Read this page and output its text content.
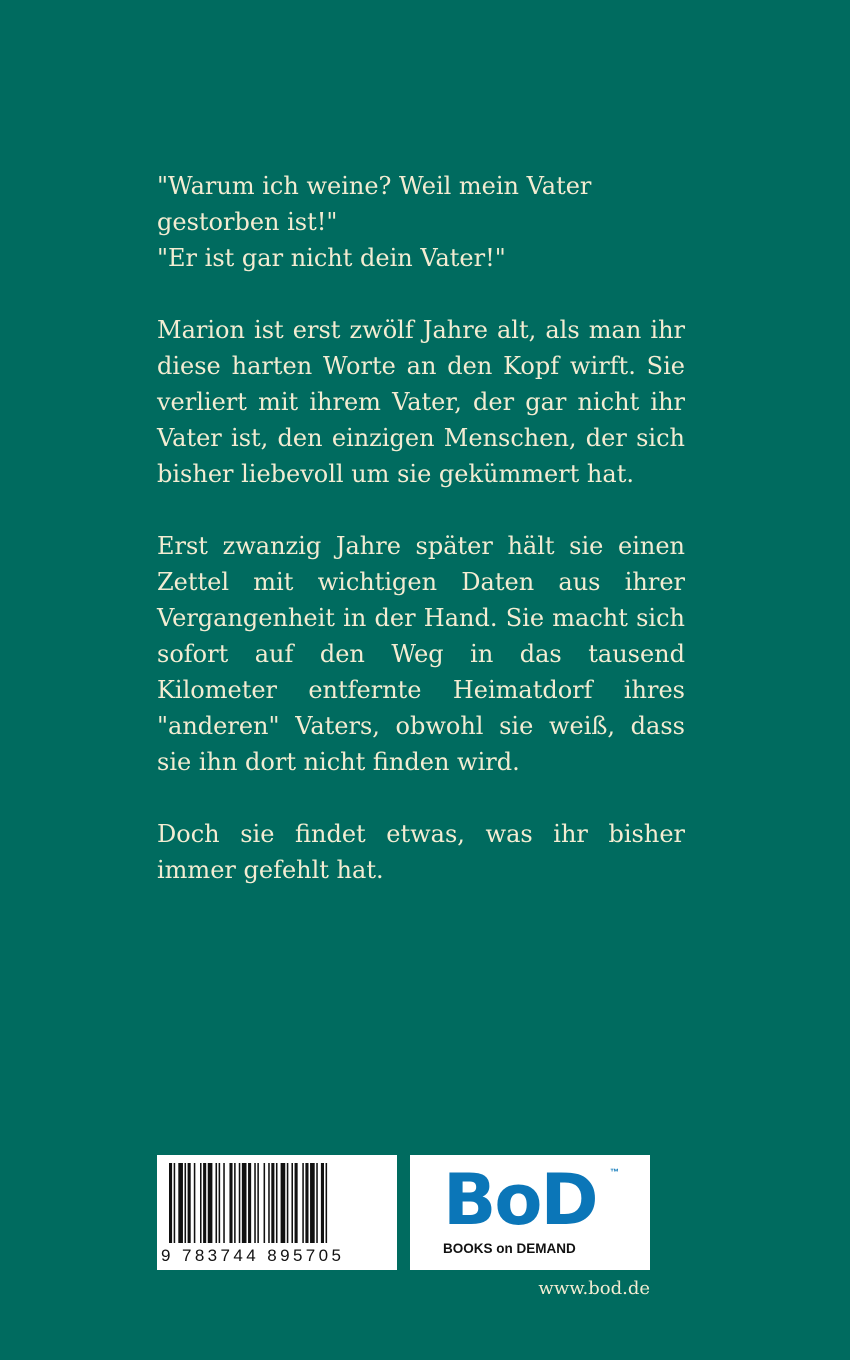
"Warum ich weine? Weil mein Vater gestorben ist!"
"Er ist gar nicht dein Vater!"

Marion ist erst zwölf Jahre alt, als man ihr diese harten Worte an den Kopf wirft. Sie verliert mit ihrem Vater, der gar nicht ihr Vater ist, den einzigen Menschen, der sich bisher liebevoll um sie gekümmert hat.

Erst zwanzig Jahre später hält sie einen Zettel mit wichtigen Daten aus ihrer Vergangenheit in der Hand. Sie macht sich sofort auf den Weg in das tausend Kilometer entfernte Heimatdorf ihres "anderen" Vaters, obwohl sie weiß, dass sie ihn dort nicht finden wird.

Doch sie findet etwas, was ihr bisher immer gefehlt hat.

9 783744 895705
BoD ™
BOOKS on DEMAND
www.bod.de
